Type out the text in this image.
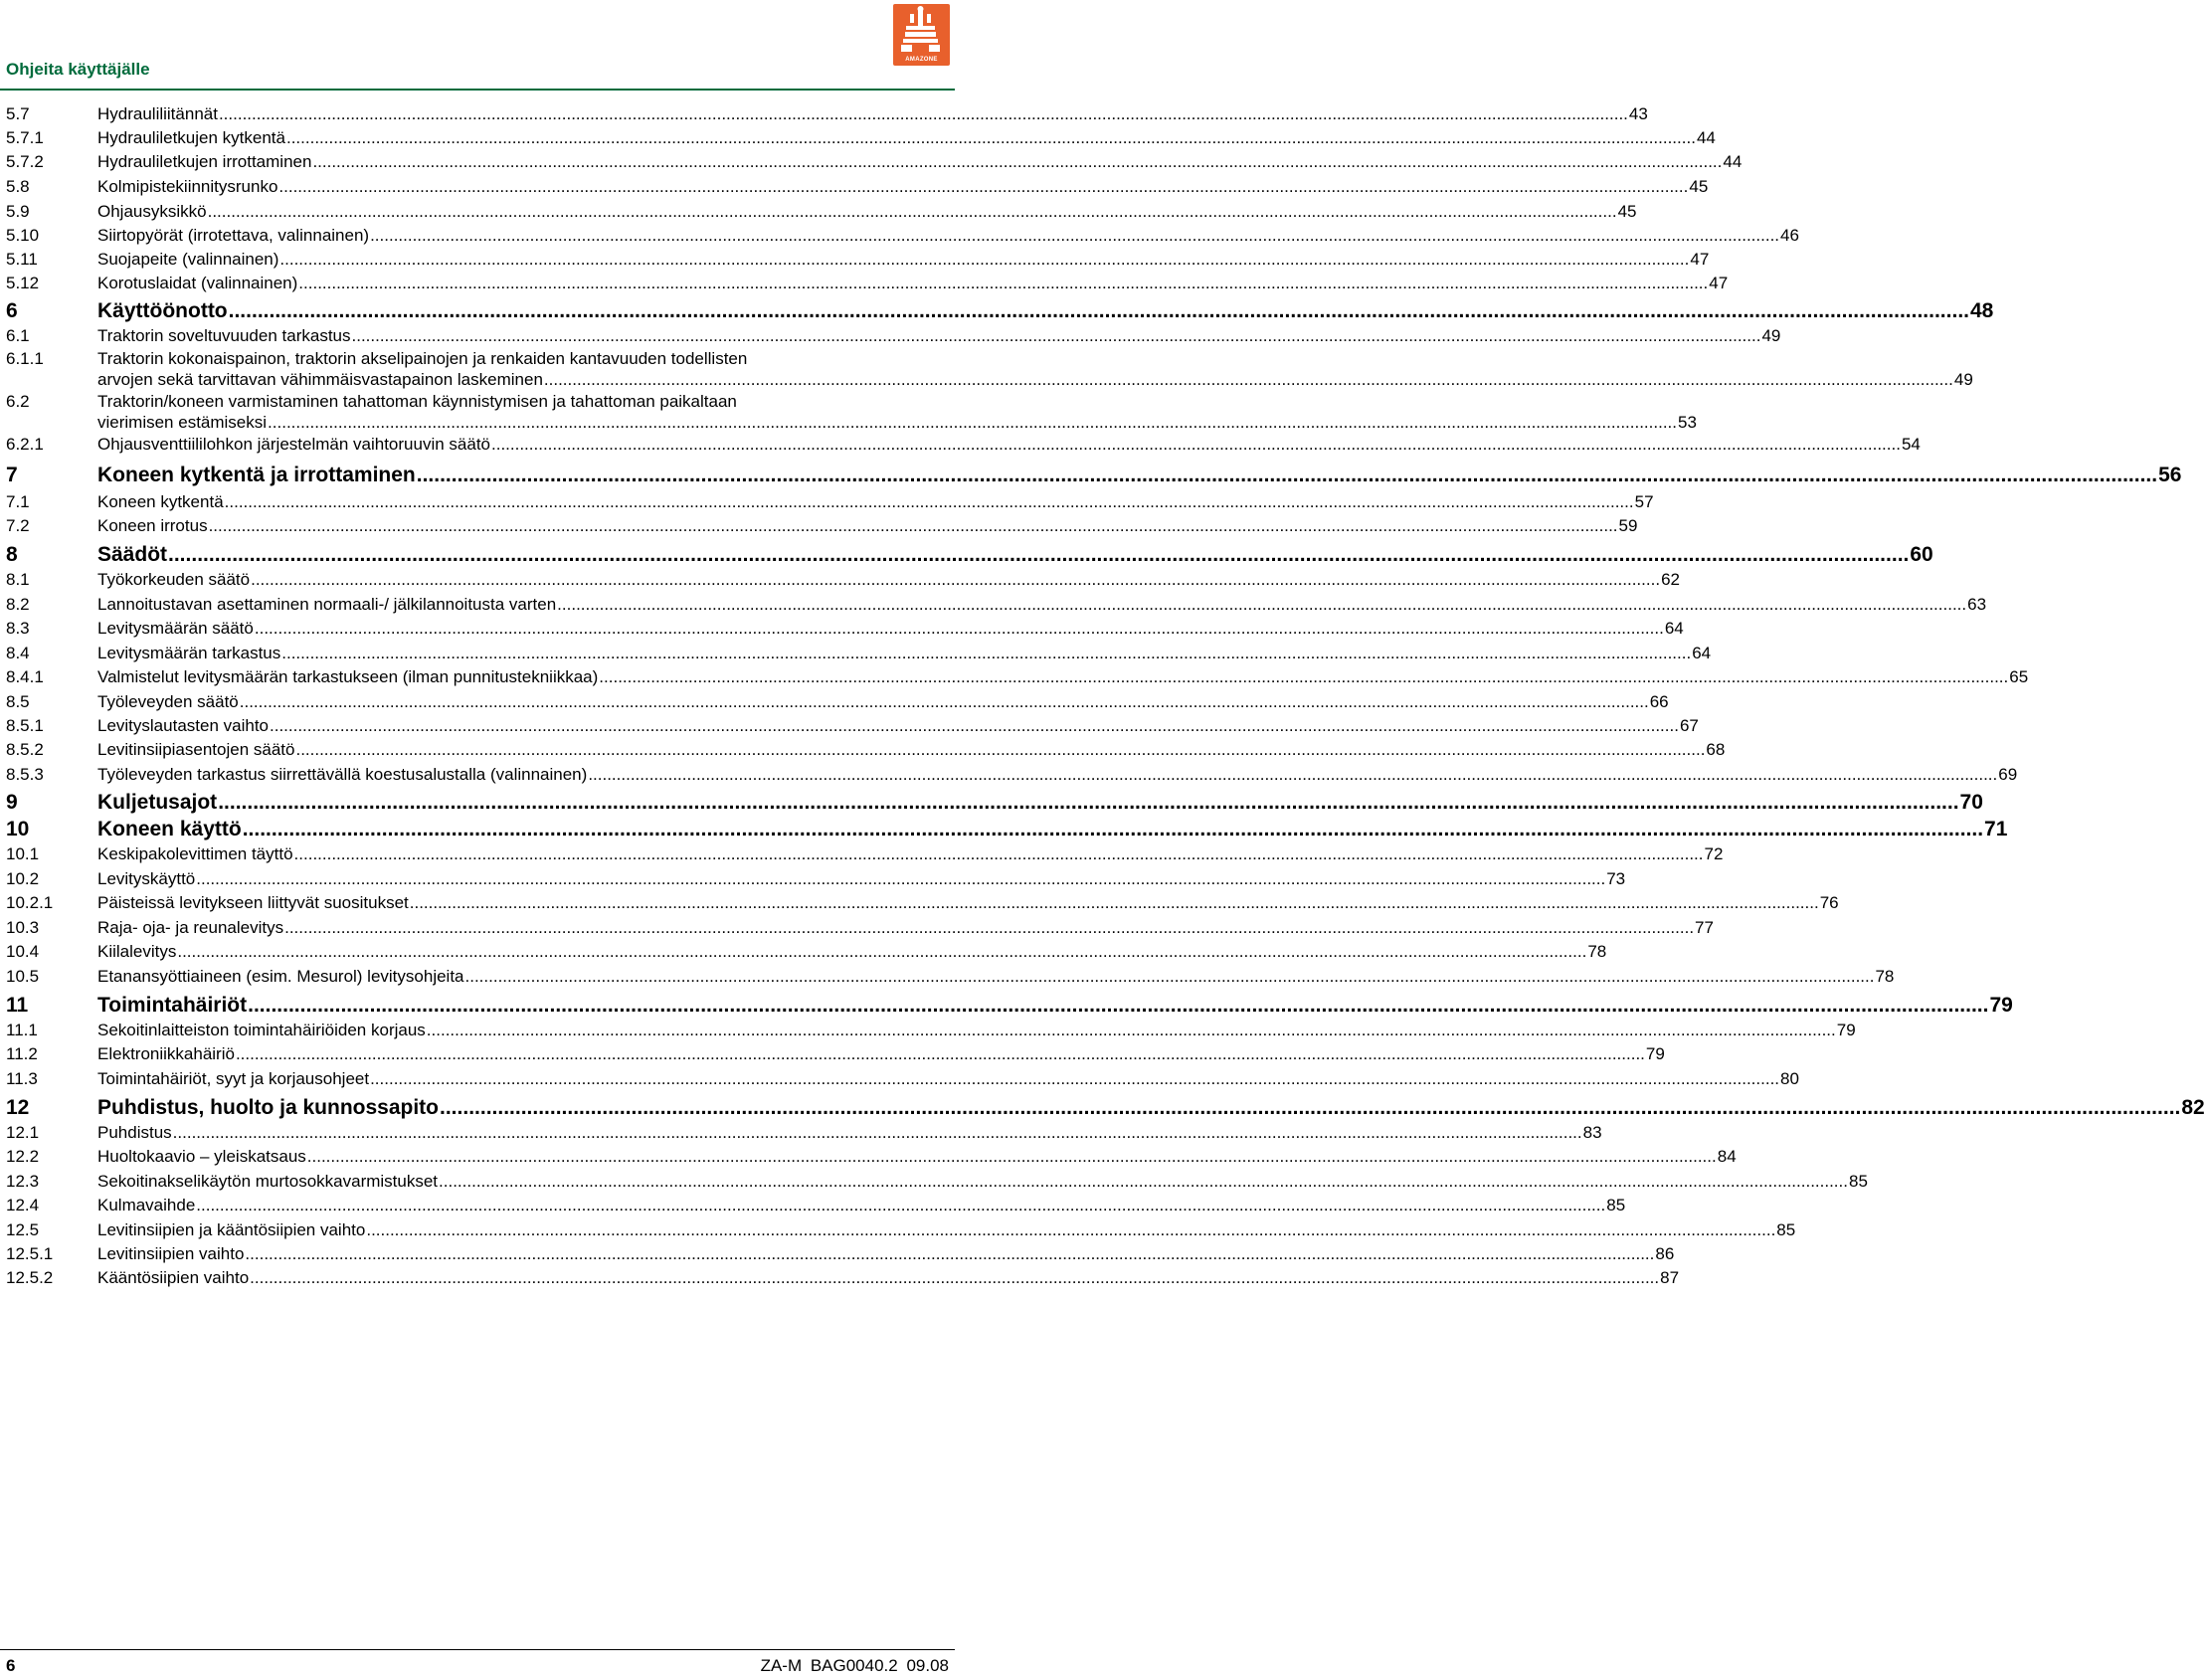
Ohjeita käyttäjälle	AMAZONE
5.7	Hydrauliliitännät ............................................................................................................................................................................................................................................................................................................ 43
5.7.1	Hydrauliletkujen kytkentä ............................................................................................................................................................................................................................................................................................................ 44
5.7.2	Hydrauliletkujen irrottaminen ............................................................................................................................................................................................................................................................................................................ 44
5.8	Kolmipistekiinnitysrunko ............................................................................................................................................................................................................................................................................................................ 45
5.9	Ohjausyksikkö ............................................................................................................................................................................................................................................................................................................ 45
5.10	Siirtopyörät (irrotettava, valinnainen) ............................................................................................................................................................................................................................................................................................................ 46
5.11	Suojapeite (valinnainen) ............................................................................................................................................................................................................................................................................................................ 47
5.12	Korotuslaidat (valinnainen) ............................................................................................................................................................................................................................................................................................................ 47
6	Käyttöönotto ............................................................................................................................................................................................................................................................................................................ 48
6.1	Traktorin soveltuvuuden tarkastus ............................................................................................................................................................................................................................................................................................................ 49
6.1.1	Traktorin kokonaispainon, traktorin akselipainojen ja renkaiden kantavuuden todellisten
arvojen sekä tarvittavan vähimmäisvastapainon laskeminen ............................................................................................................................................................................................................................................................................................................ 49
6.2	Traktorin/koneen varmistaminen tahattoman käynnistymisen ja tahattoman paikaltaan
vierimisen estämiseksi ............................................................................................................................................................................................................................................................................................................ 53
6.2.1	Ohjausventtiililohkon järjestelmän vaihtoruuvin säätö ............................................................................................................................................................................................................................................................................................................ 54
7	Koneen kytkentä ja irrottaminen ............................................................................................................................................................................................................................................................................................................ 56
7.1	Koneen kytkentä ............................................................................................................................................................................................................................................................................................................ 57
7.2	Koneen irrotus ............................................................................................................................................................................................................................................................................................................ 59
8	Säädöt ............................................................................................................................................................................................................................................................................................................ 60
8.1	Työkorkeuden säätö ............................................................................................................................................................................................................................................................................................................ 62
8.2	Lannoitustavan asettaminen normaali-/ jälkilannoitusta varten ............................................................................................................................................................................................................................................................................................................ 63
8.3	Levitysmäärän säätö ............................................................................................................................................................................................................................................................................................................ 64
8.4	Levitysmäärän tarkastus ............................................................................................................................................................................................................................................................................................................ 64
8.4.1	Valmistelut levitysmäärän tarkastukseen (ilman punnitustekniikkaa) ............................................................................................................................................................................................................................................................................................................ 65
8.5	Työleveyden säätö ............................................................................................................................................................................................................................................................................................................ 66
8.5.1	Levityslautasten vaihto ............................................................................................................................................................................................................................................................................................................ 67
8.5.2	Levitinsiipiasentojen säätö ............................................................................................................................................................................................................................................................................................................ 68
8.5.3	Työleveyden tarkastus siirrettävällä koestusalustalla (valinnainen) ............................................................................................................................................................................................................................................................................................................ 69
9	Kuljetusajot ............................................................................................................................................................................................................................................................................................................ 70
10	Koneen käyttö ............................................................................................................................................................................................................................................................................................................ 71
10.1	Keskipakolevittimen täyttö ............................................................................................................................................................................................................................................................................................................ 72
10.2	Levityskäyttö ............................................................................................................................................................................................................................................................................................................ 73
10.2.1	Päisteissä levitykseen liittyvät suositukset ............................................................................................................................................................................................................................................................................................................ 76
10.3	Raja- oja- ja reunalevitys ............................................................................................................................................................................................................................................................................................................ 77
10.4	Kiilalevitys ............................................................................................................................................................................................................................................................................................................ 78
10.5	Etanansyöttiaineen (esim. Mesurol) levitysohjeita ............................................................................................................................................................................................................................................................................................................ 78
11	Toimintahäiriöt ............................................................................................................................................................................................................................................................................................................ 79
11.1	Sekoitinlaitteiston toimintahäiriöiden korjaus ............................................................................................................................................................................................................................................................................................................ 79
11.2	Elektroniikkahäiriö ............................................................................................................................................................................................................................................................................................................ 79
11.3	Toimintahäiriöt, syyt ja korjausohjeet ............................................................................................................................................................................................................................................................................................................ 80
12	Puhdistus, huolto ja kunnossapito ............................................................................................................................................................................................................................................................................................................ 82
12.1	Puhdistus ............................................................................................................................................................................................................................................................................................................ 83
12.2	Huoltokaavio – yleiskatsaus ............................................................................................................................................................................................................................................................................................................ 84
12.3	Sekoitinakselikäytön murtosokkavarmistukset ............................................................................................................................................................................................................................................................................................................ 85
12.4	Kulmavaihde ............................................................................................................................................................................................................................................................................................................ 85
12.5	Levitinsiipien ja kääntösiipien vaihto ............................................................................................................................................................................................................................................................................................................ 85
12.5.1	Levitinsiipien vaihto ............................................................................................................................................................................................................................................................................................................ 86
12.5.2	Kääntösiipien vaihto ............................................................................................................................................................................................................................................................................................................ 87
6	ZA-M BAG0040.2 09.08
